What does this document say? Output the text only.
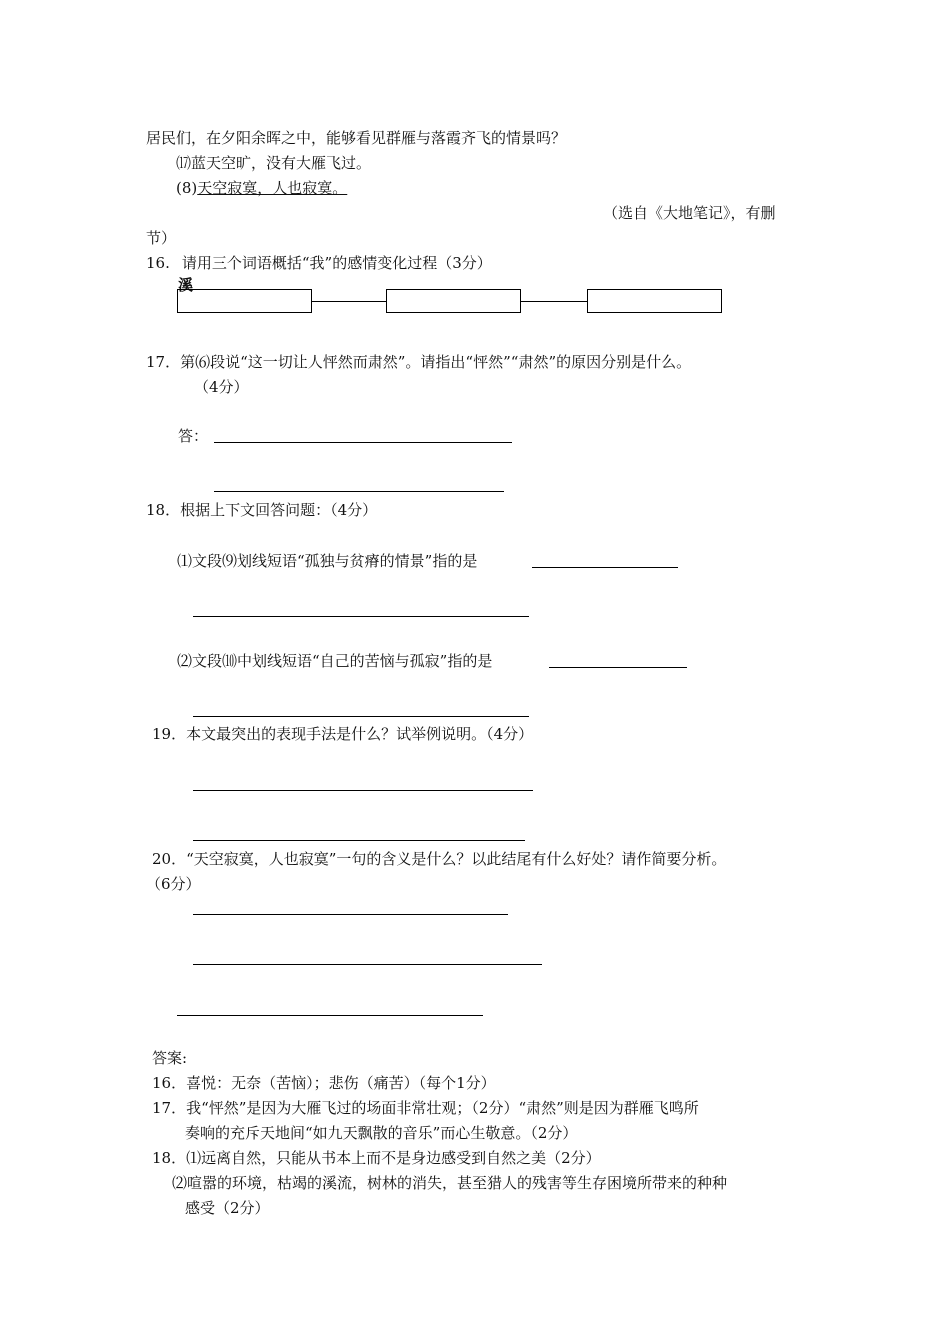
居民们，在夕阳余晖之中，能够看见群雁与落霞齐飞的情景吗？
⒄蓝天空旷，没有大雁飞过。
(8)天空寂寞，人也寂寞。
（选自《大地笔记》，有删
节）
16. 请用三个词语概括“我”的感情变化过程（3分）
溪
17．第⑹段说“这一切让人怦然而肃然”。请指出“怦然”“肃然”的原因分别是什么。
（4分）
答：
18．根据上下文回答问题：（4分）
⑴文段⑼划线短语“孤独与贫瘠的情景”指的是
⑵文段⑽中划线短语“自己的苦恼与孤寂”指的是
19．本文最突出的表现手法是什么？试举例说明。（4分）
20．“天空寂寞，人也寂寞”一句的含义是什么？以此结尾有什么好处？请作简要分析。
（6分）
答案:
16．喜悦：无奈（苦恼）；悲伤（痛苦）（每个1分）
17．我“怦然”是因为大雁飞过的场面非常壮观；（2分）“肃然”则是因为群雁飞鸣所
奏响的充斥天地间“如九天飘散的音乐”而心生敬意。（2分）
18．⑴远离自然，只能从书本上而不是身边感受到自然之美（2分）
⑵喧嚣的环境，枯竭的溪流，树林的消失，甚至猎人的残害等生存困境所带来的种种
感受（2分）
